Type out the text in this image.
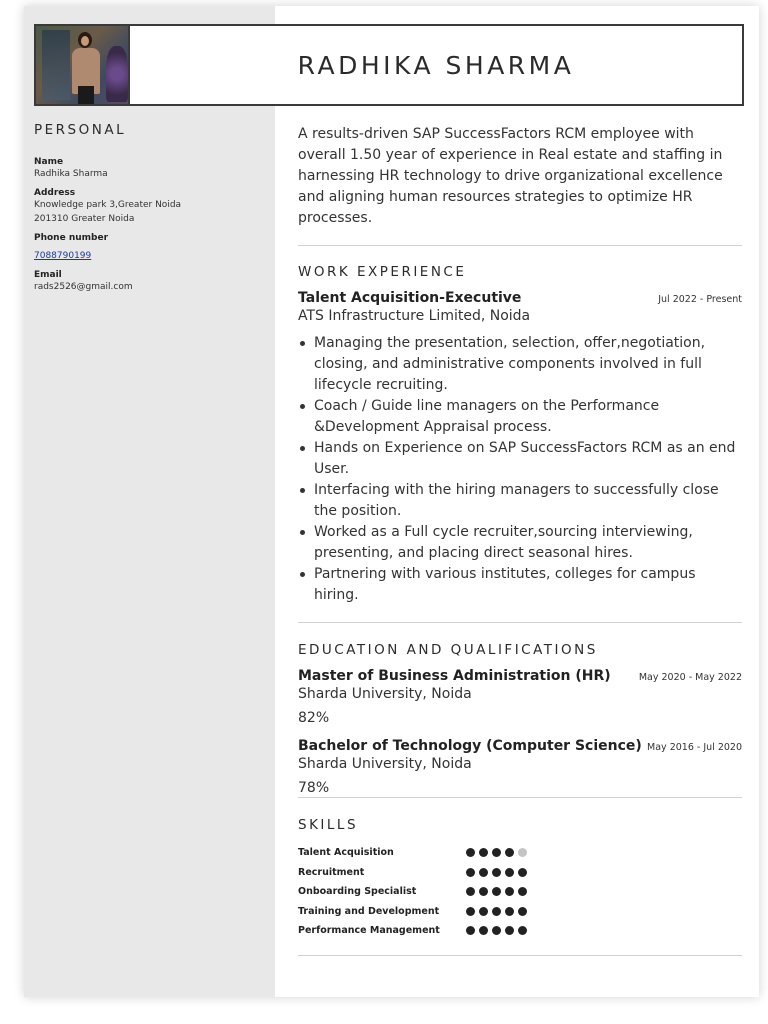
RADHIKA SHARMA
PERSONAL
Name
Radhika Sharma
Address
Knowledge park 3,Greater Noida
201310 Greater Noida
Phone number
7088790199
Email
rads2526@gmail.com

A results-driven SAP SuccessFactors RCM employee with overall 1.50 year of experience in Real estate and staffing in harnessing HR technology to drive organizational excellence and aligning human resources strategies to optimize HR processes.

WORK EXPERIENCE
Talent Acquisition-Executive	Jul 2022 - Present
ATS Infrastructure Limited, Noida
Managing the presentation, selection, offer,negotiation, closing, and administrative components involved in full lifecycle recruiting.
Coach / Guide line managers on the Performance &Development Appraisal process.
Hands on Experience on SAP SuccessFactors RCM as an end User.
Interfacing with the hiring managers to successfully close the position.
Worked as a Full cycle recruiter,sourcing interviewing, presenting, and placing direct seasonal hires.
Partnering with various institutes, colleges for campus hiring.
EDUCATION AND QUALIFICATIONS
Master of Business Administration (HR)	May 2020 - May 2022
Sharda University, Noida
82%
Bachelor of Technology (Computer Science) May 2016 - Jul 2020
Sharda University, Noida
78%
SKILLS
Talent Acquisition
Recruitment
Onboarding Specialist
Training and Development
Performance Management
